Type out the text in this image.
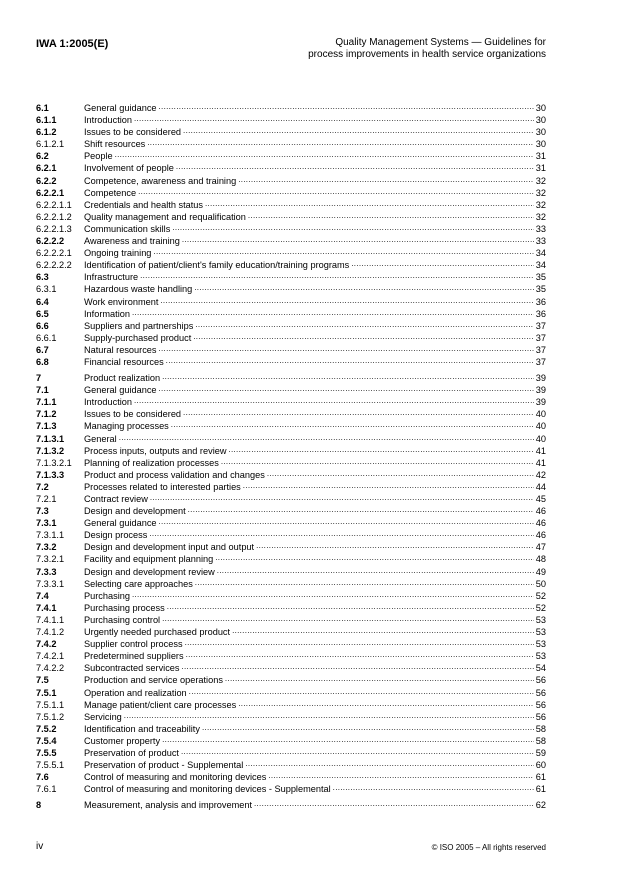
IWA 1:2005(E)	Quality Management Systems — Guidelines for
process improvements in health service organizations
6.1	General guidance .....	30
6.1.1	Introduction .....	30
6.1.2	Issues to be considered .....	30
6.1.2.1	Shift resources .....	30
6.2	People .....	31
6.2.1	Involvement of people .....	31
6.2.2	Competence, awareness and training .....	32
6.2.2.1	Competence .....	32
6.2.2.1.1	Credentials and health status .....	32
6.2.2.1.2	Quality management and requalification .....	32
6.2.2.1.3	Communication skills .....	33
6.2.2.2	Awareness and training .....	33
6.2.2.2.1	Ongoing training .....	34
6.2.2.2.2	Identification of patient/client's family education/training programs .....	34
6.3	Infrastructure .....	35
6.3.1	Hazardous waste handling .....	35
6.4	Work environment .....	36
6.5	Information .....	36
6.6	Suppliers and partnerships .....	37
6.6.1	Supply-purchased product .....	37
6.7	Natural resources .....	37
6.8	Financial resources .....	37
7	Product realization .....	39
7.1	General guidance .....	39
7.1.1	Introduction .....	39
7.1.2	Issues to be considered .....	40
7.1.3	Managing processes .....	40
7.1.3.1	General .....	40
7.1.3.2	Process inputs, outputs and review .....	41
7.1.3.2.1	Planning of realization processes .....	41
7.1.3.3	Product and process validation and changes .....	42
7.2	Processes related to interested parties .....	44
7.2.1	Contract review .....	45
7.3	Design and development .....	46
7.3.1	General guidance .....	46
7.3.1.1	Design process .....	46
7.3.2	Design and development input and output .....	47
7.3.2.1	Facility and equipment planning .....	48
7.3.3	Design and development review .....	49
7.3.3.1	Selecting care approaches .....	50
7.4	Purchasing .....	52
7.4.1	Purchasing process .....	52
7.4.1.1	Purchasing control .....	53
7.4.1.2	Urgently needed purchased product .....	53
7.4.2	Supplier control process .....	53
7.4.2.1	Predetermined suppliers .....	53
7.4.2.2	Subcontracted services .....	54
7.5	Production and service operations .....	56
7.5.1	Operation and realization .....	56
7.5.1.1	Manage patient/client care processes .....	56
7.5.1.2	Servicing .....	56
7.5.2	Identification and traceability .....	58
7.5.4	Customer property .....	58
7.5.5	Preservation of product .....	59
7.5.5.1	Preservation of product - Supplemental .....	60
7.6	Control of measuring and monitoring devices .....	61
7.6.1	Control of measuring and monitoring devices - Supplemental .....	61
8	Measurement, analysis and improvement .....	62
iv	© ISO 2005 – All rights reserved
